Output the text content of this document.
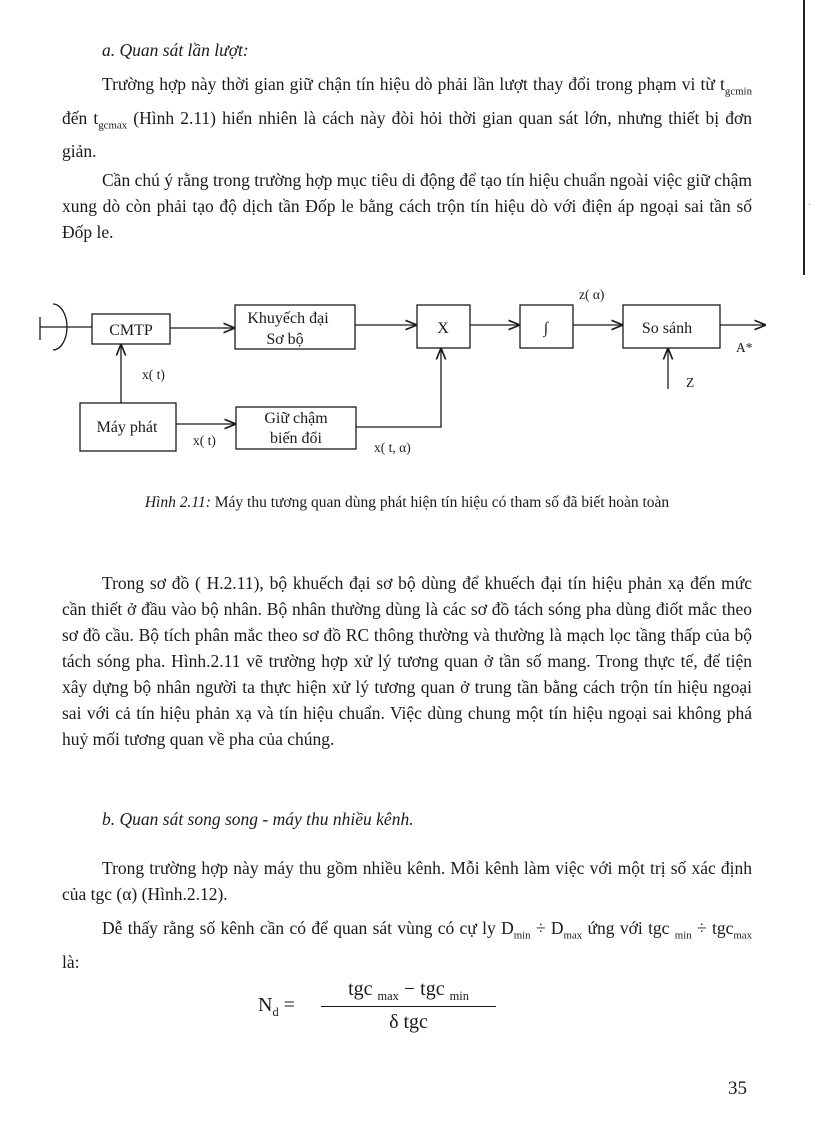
·

a. Quan sát lần lượt:

Trường hợp này thời gian giữ chận tín hiệu dò phải lần lượt thay đổi trong phạm vi từ $t_{gcmin}$ đến $t_{gcmax}$ (Hình 2.11) hiển nhiên là cách này đòi hỏi thời gian quan sát lớn, nhưng thiết bị đơn giản.

Cần chú ý rằng trong trường hợp mục tiêu di động để tạo tín hiệu chuẩn ngoài việc giữ chậm xung dò còn phải tạo độ dịch tần Đốp le bằng cách trộn tín hiệu dò với điện áp ngoại sai tần số Đốp le.

CMTP
Khuyếch đại
Sơ bộ
X	∫	So sánh
Máy phát
Giữ chậm
biến đổi
x( t)
x( t)	x( t, α)
z( α)
Z
A*
Hình 2.11: Máy thu tương quan dùng phát hiện tín hiệu có tham số đã biết hoàn toàn

Trong sơ đồ ( H.2.11), bộ khuếch đại sơ bộ dùng để khuếch đại tín hiệu phản xạ đến mức cần thiết ở đầu vào bộ nhân. Bộ nhân thường dùng là các sơ đồ tách sóng pha dùng điốt mắc theo sơ đồ cầu. Bộ tích phân mắc theo sơ đồ RC thông thường và thường là mạch lọc tầng thấp của bộ tách sóng pha. Hình.2.11 vẽ trường hợp xử lý tương quan ở tần số mang. Trong thực tế, để tiện xây dựng bộ nhân người ta thực hiện xử lý tương quan ở trung tần bằng cách trộn tín hiệu ngoại sai với cả tín hiệu phản xạ và tín hiệu chuẩn. Việc dùng chung một tín hiệu ngoại sai không phá huỷ mối tương quan về pha của chúng.

b. Quan sát song song - máy thu nhiều kênh.

Trong trường hợp này máy thu gồm nhiều kênh. Mỗi kênh làm việc với một trị số xác định của tgc (α) (Hình.2.12).

Dễ thấy rằng số kênh cần có để quan sát vùng có cự ly $D_{min} \div D_{max}$ ứng với tgc $_{min}$ ÷ tgc$_{max}$ là:

$N_d$ =
tgc $_{max}$ − tgc $_{min}$
δ tgc
35
